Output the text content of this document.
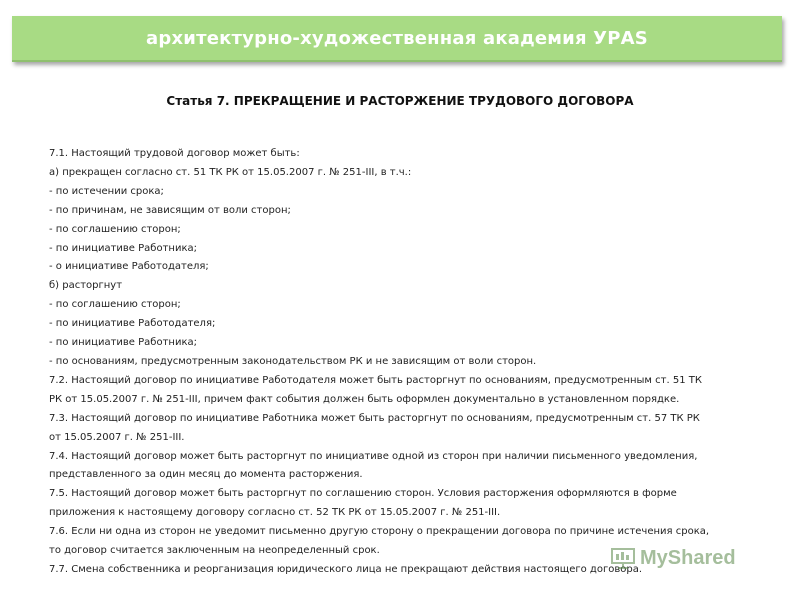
архитектурно-художественная академия УРАS
Статья 7. ПРЕКРАЩЕНИЕ И РАСТОРЖЕНИЕ ТРУДОВОГО ДОГОВОРА
7.1. Настоящий трудовой договор может быть:
а) прекращен согласно ст. 51 ТК РК от 15.05.2007 г. № 251-III, в т.ч.:
- по истечении срока;
- по причинам, не зависящим от воли сторон;
- по соглашению сторон;
- по инициативе Работника;
- о инициативе Работодателя;
б) расторгнут
- по соглашению сторон;
- по инициативе Работодателя;
- по инициативе Работника;
- по основаниям, предусмотренным законодательством РК и не зависящим от воли сторон.
7.2. Настоящий договор по инициативе Работодателя может быть расторгнут по основаниям, предусмотренным ст. 51 ТК
РК от 15.05.2007 г. № 251-III, причем факт события должен быть оформлен документально в установленном порядке.
7.3. Настоящий договор по инициативе Работника может быть расторгнут по основаниям, предусмотренным ст. 57 ТК РК
от 15.05.2007 г. № 251-III.
7.4. Настоящий договор может быть расторгнут по инициативе одной из сторон при наличии письменного уведомления,
представленного за один месяц до момента расторжения.
7.5. Настоящий договор может быть расторгнут по соглашению сторон. Условия расторжения оформляются в форме
приложения к настоящему договору согласно ст. 52 ТК РК от 15.05.2007 г. № 251-III.
7.6. Если ни одна из сторон не уведомит письменно другую сторону о прекращении договора по причине истечения срока,
то договор считается заключенным на неопределенный срок.
7.7. Смена собственника и реорганизация юридического лица не прекращают действия настоящего договора.
MyShared
